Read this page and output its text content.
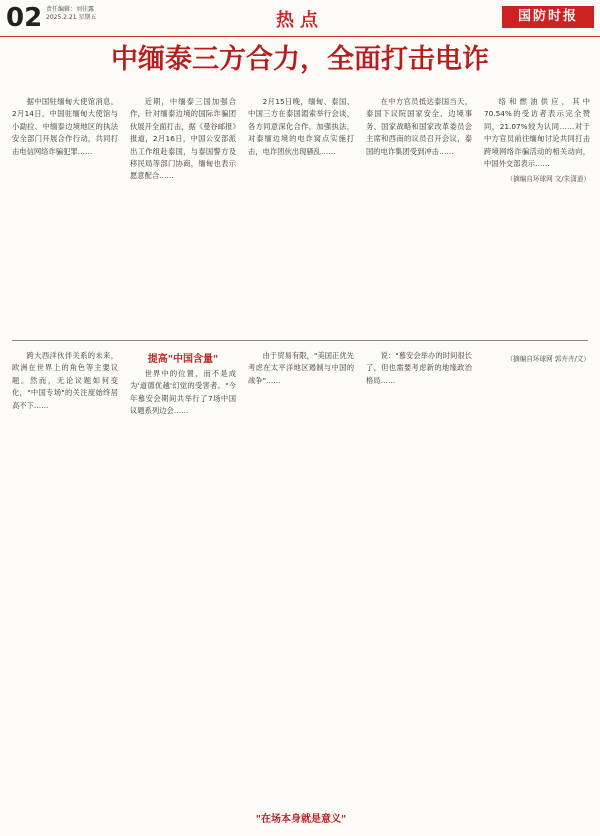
02 责任编辑：刘佳露
2025.2.21 星期五	热点	国防时报
中缅泰三方合力，全面打击电诈

据中国驻缅甸大使馆消息，2月14日，中国驻缅甸大使馆与小勐拉、中缅泰边境地区的执法安全部门开展合作行动，共同打击电信网络诈骗犯罪……

近期，中缅泰三国加强合作，针对缅泰边境的国际诈骗团伙展开全面打击，据《曼谷邮报》报道，2月16日，中国公安部派出工作组赴泰国，与泰国警方及移民局等部门协商，缅甸也表示愿意配合……

2月15日晚，缅甸、泰国、中国三方在泰国湄索举行会谈，各方同意深化合作，加强执法，对泰缅边境的电诈窝点实施打击，电诈团伙出现骚乱……

在中方官员抵达泰国当天，泰国下议院国家安全、边境事务、国家战略和国家改革委员会主席和西南的议员召开会议，泰国的电诈集团受到冲击……

络和燃油供应，其中70.54%的受访者表示完全赞同，21.07%较为认同……对于中方官员前往缅甸讨论共同打击跨境网络诈骗活动的相关动向，中国外交部表示……

（摘编自环球网 文/朱潇逍）

跨大西洋伙伴关系的未来，欧洲在世界上的角色等主要议题。然而，无论议题如何变化，"中国专场"的关注度始终居高不下……

提高"中国含量"

世界中的位置，而不是成为'道德优越'幻觉的受害者。"今年慕安会期间共举行了7场中国议题系列边会……

由于贸易有限，"美国正优先考虑在太平洋地区遏制与中国的战争"……

说："慕安会举办的时间很长了，但也需要考虑新的地缘政治格局……

"在场本身就是意义"
（摘编自环球网 郭卉卉/文）
